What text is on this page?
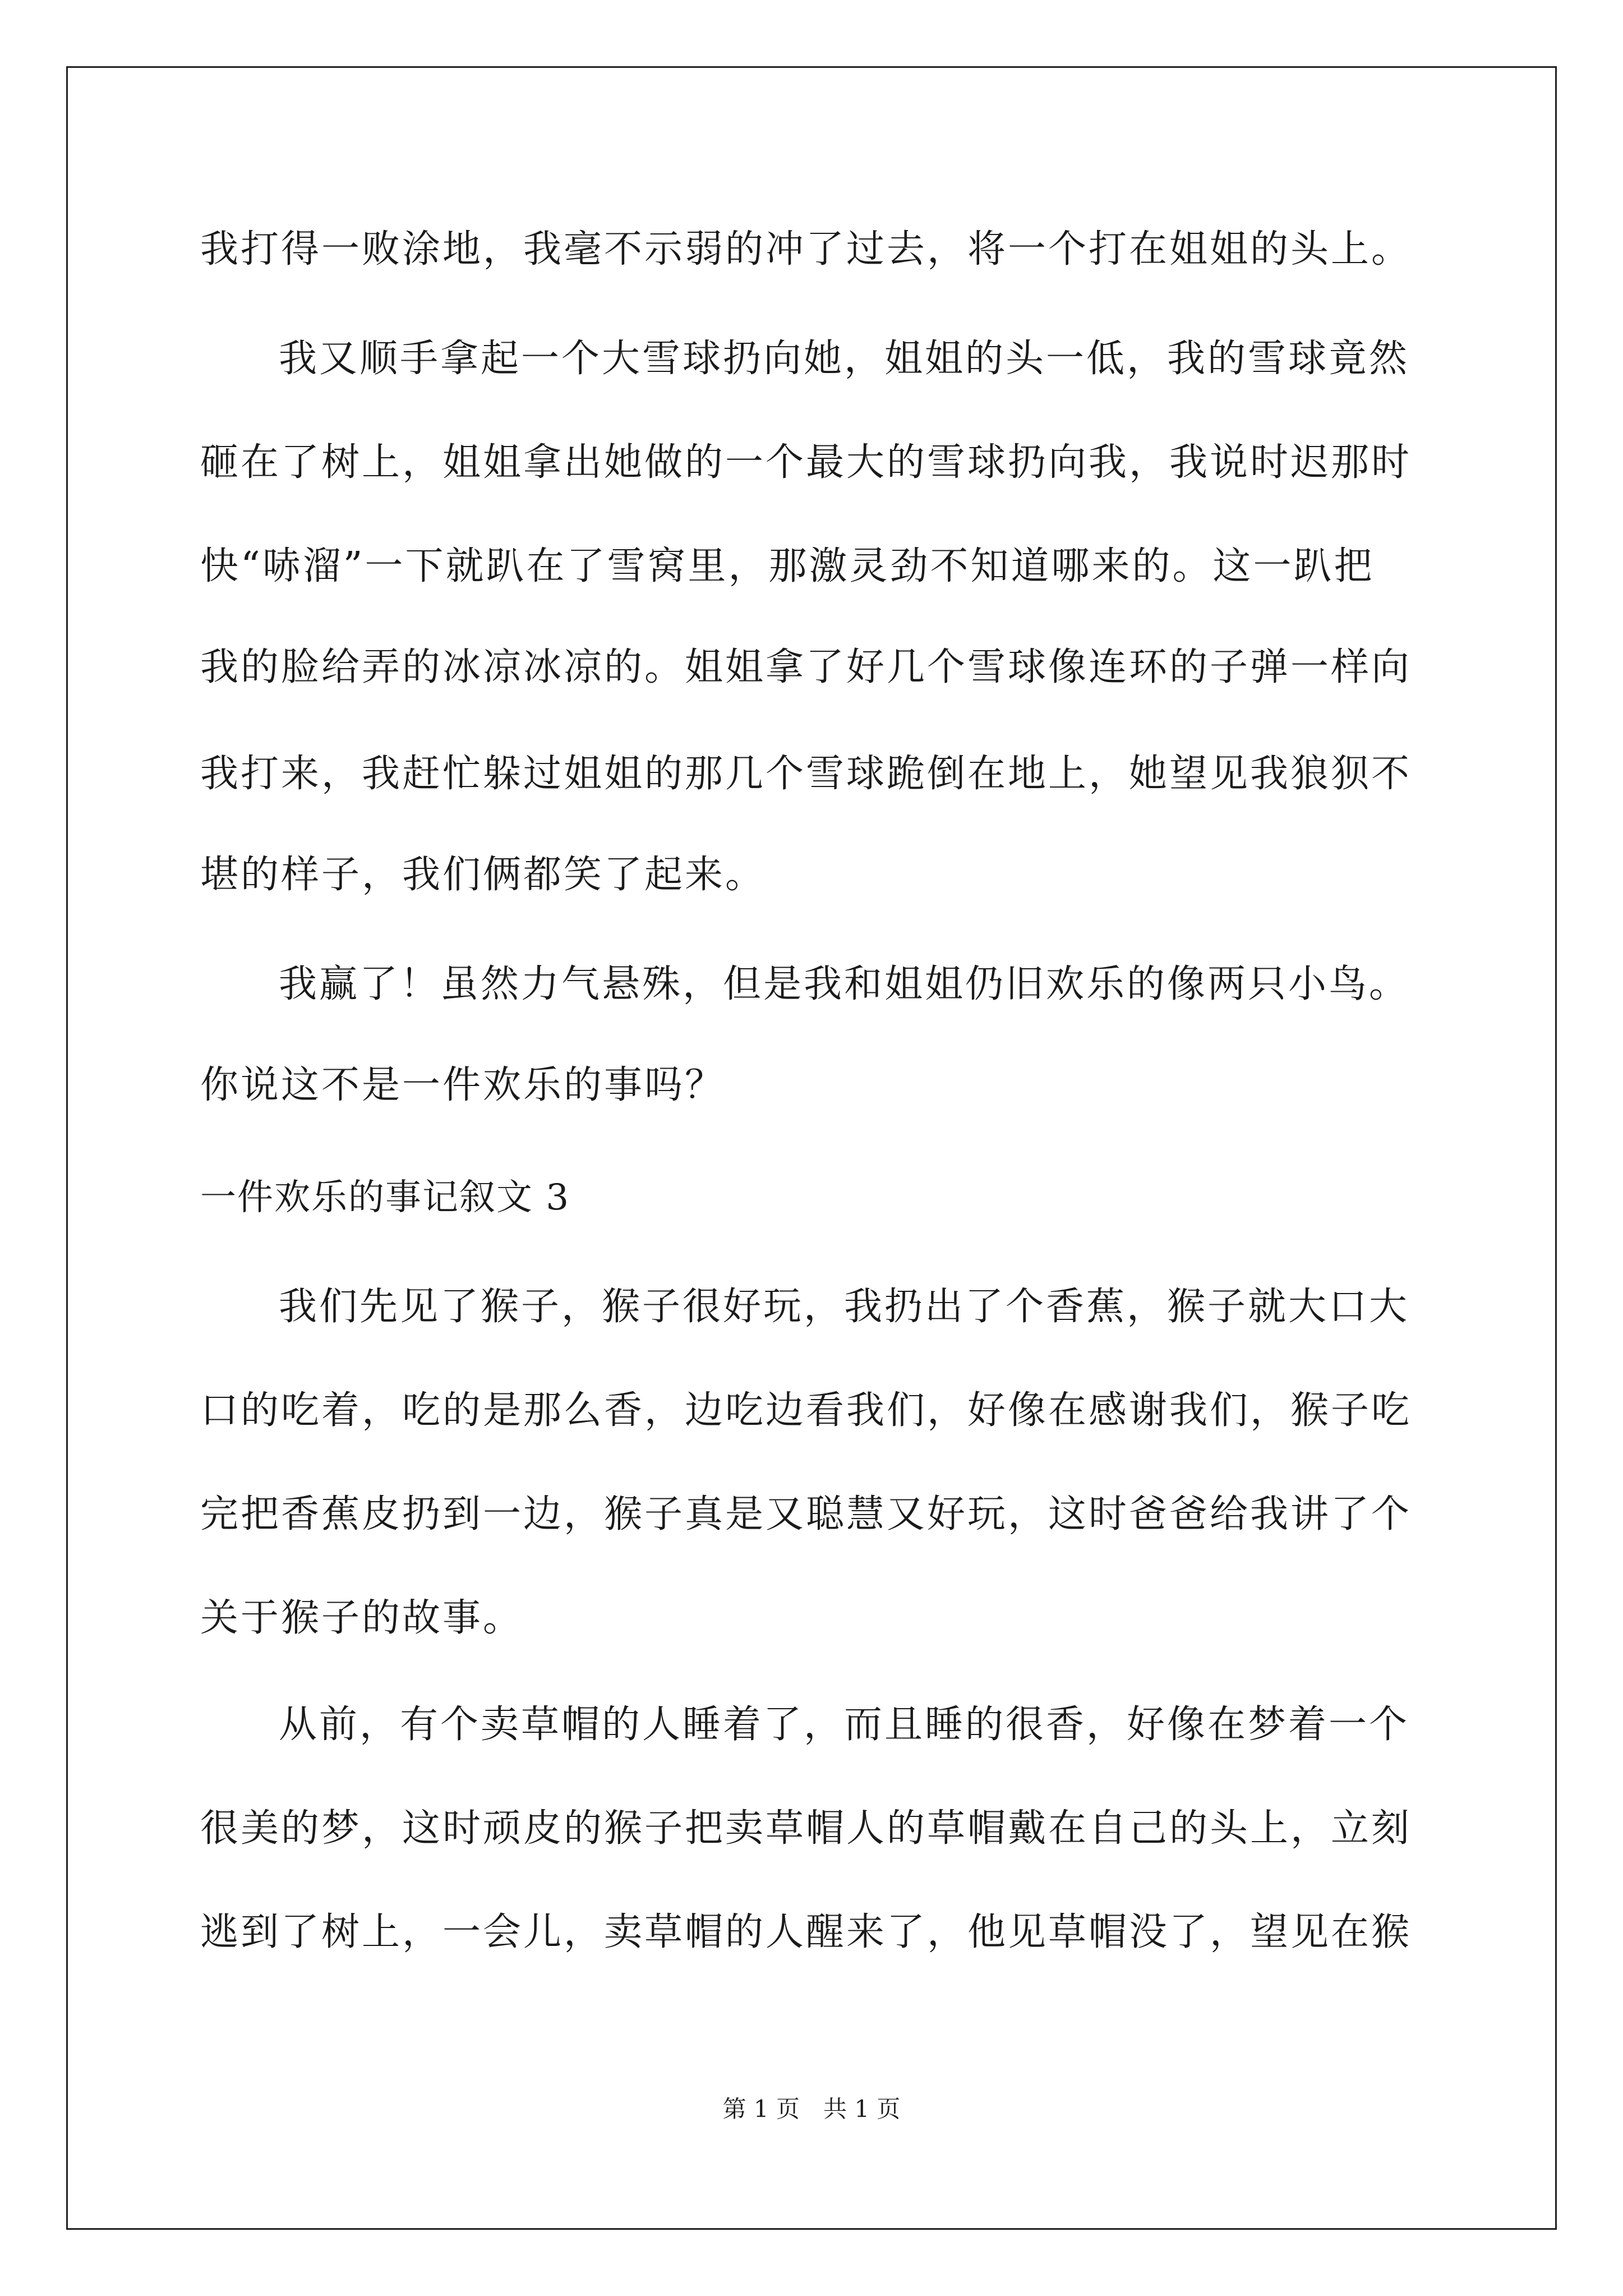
我打得一败涂地，我毫不示弱的冲了过去，将一个打在姐姐的头上。
我又顺手拿起一个大雪球扔向她，姐姐的头一低，我的雪球竟然
砸在了树上，姐姐拿出她做的一个最大的雪球扔向我，我说时迟那时
快“哧溜”一下就趴在了雪窝里，那激灵劲不知道哪来的。这一趴把
我的脸给弄的冰凉冰凉的。姐姐拿了好几个雪球像连环的子弹一样向
我打来，我赶忙躲过姐姐的那几个雪球跪倒在地上，她望见我狼狈不
堪的样子，我们俩都笑了起来。
我赢了！虽然力气悬殊，但是我和姐姐仍旧欢乐的像两只小鸟。
你说这不是一件欢乐的事吗？
一件欢乐的事记叙文 3
我们先见了猴子，猴子很好玩，我扔出了个香蕉，猴子就大口大
口的吃着，吃的是那么香，边吃边看我们，好像在感谢我们，猴子吃
完把香蕉皮扔到一边，猴子真是又聪慧又好玩，这时爸爸给我讲了个
关于猴子的故事。
从前，有个卖草帽的人睡着了，而且睡的很香，好像在梦着一个
很美的梦，这时顽皮的猴子把卖草帽人的草帽戴在自己的头上，立刻
逃到了树上，一会儿，卖草帽的人醒来了，他见草帽没了，望见在猴
第 1 页　共 1 页
